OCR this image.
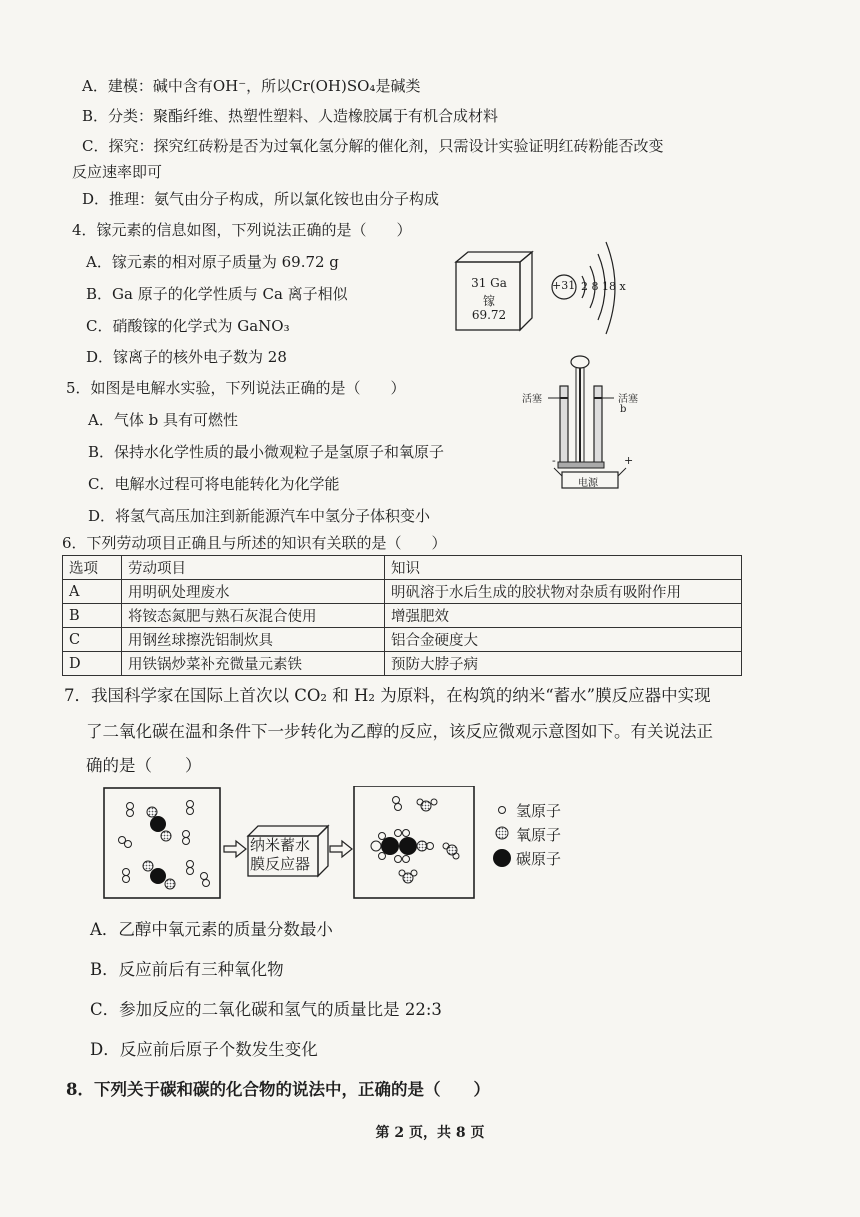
A．建模：碱中含有OH⁻，所以Cr(OH)SO₄是碱类
B．分类：聚酯纤维、热塑性塑料、人造橡胶属于有机合成材料
C．探究：探究红砖粉是否为过氧化氢分解的催化剂，只需设计实验证明红砖粉能否改变
反应速率即可
D．推理：氨气由分子构成，所以氯化铵也由分子构成
4．镓元素的信息如图，下列说法正确的是（　　）
A．镓元素的相对原子质量为 69.72 g
B．Ga 原子的化学性质与 Ca 离子相似
C．硝酸镓的化学式为 GaNO₃
D．镓离子的核外电子数为 28
31 Ga
镓
69.72
+31 2 8 18 x
5．如图是电解水实验，下列说法正确的是（　　）
A．气体 b 具有可燃性
B．保持水化学性质的最小微观粒子是氢原子和氧原子
C．电解水过程可将电能转化为化学能
D．将氢气高压加注到新能源汽车中氢分子体积变小
活塞	活塞
b
电源
-	+
6．下列劳动项目正确且与所述的知识有关联的是（　　）
选项	劳动项目	知识
A	用明矾处理废水	明矾溶于水后生成的胶状物对杂质有吸附作用
B	将铵态氮肥与熟石灰混合使用	增强肥效
C	用钢丝球擦洗铝制炊具	铝合金硬度大
D	用铁锅炒菜补充微量元素铁	预防大脖子病
7．我国科学家在国际上首次以 CO₂ 和 H₂ 为原料，在构筑的纳米“蓄水”膜反应器中实现
了二氧化碳在温和条件下一步转化为乙醇的反应，该反应微观示意图如下。有关说法正
确的是（　　）
纳米蓄水
膜反应器
氢原子
氧原子
碳原子
A．乙醇中氧元素的质量分数最小
B．反应前后有三种氧化物
C．参加反应的二氧化碳和氢气的质量比是 22:3
D．反应前后原子个数发生变化
8．下列关于碳和碳的化合物的说法中，正确的是（　　）
第 2 页，共 8 页
